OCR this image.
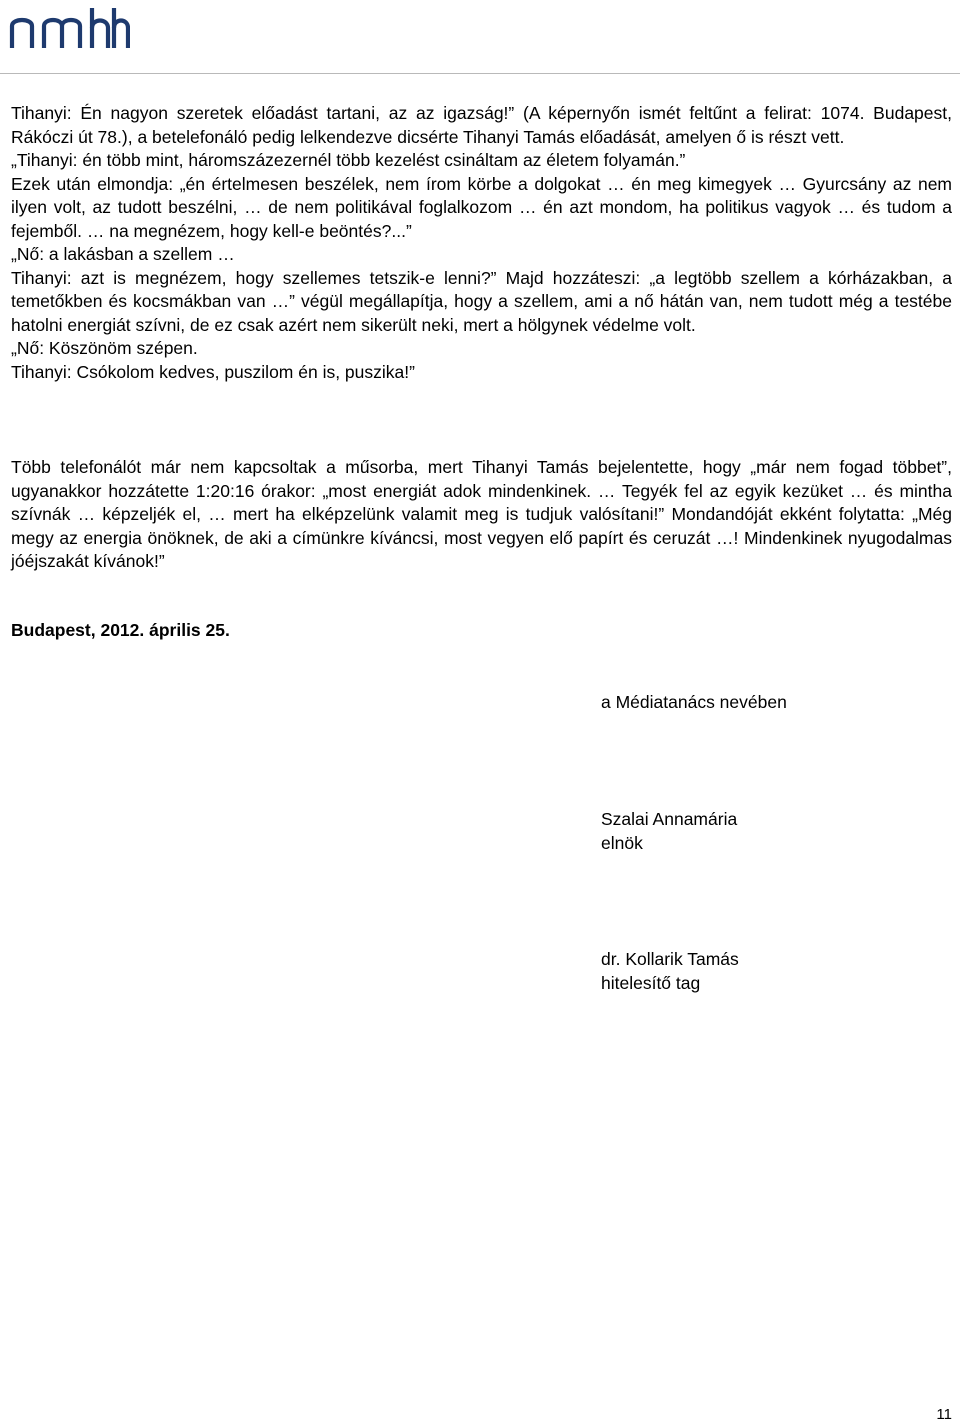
Tihanyi: Én nagyon szeretek előadást tartani, az az igazság!” (A képernyőn ismét feltűnt a felirat: 1074. Budapest, Rákóczi út 78.), a betelefonáló pedig lelkendezve dicsérte Tihanyi Tamás előadását, amelyen ő is részt vett.

„Tihanyi: én több mint, háromszázezernél több kezelést csináltam az életem folyamán.”

Ezek után elmondja: „én értelmesen beszélek, nem írom körbe a dolgokat … én meg kimegyek … Gyurcsány az nem ilyen volt, az tudott beszélni, … de nem politikával foglalkozom … én azt mondom, ha politikus vagyok … és tudom a fejemből. … na megnézem, hogy kell-e beöntés?...”

„Nő: a lakásban a szellem …

Tihanyi: azt is megnézem, hogy szellemes tetszik-e lenni?” Majd hozzáteszi: „a legtöbb szellem a kórházakban, a temetőkben és kocsmákban van …” végül megállapítja, hogy a szellem, ami a nő hátán van, nem tudott még a testébe hatolni energiát szívni, de ez csak azért nem sikerült neki, mert a hölgynek védelme volt.

„Nő: Köszönöm szépen.

Tihanyi: Csókolom kedves, puszilom én is, puszika!”

Több telefonálót már nem kapcsoltak a műsorba, mert Tihanyi Tamás bejelentette, hogy „már nem fogad többet”, ugyanakkor hozzátette 1:20:16 órakor: „most energiát adok mindenkinek. … Tegyék fel az egyik kezüket … és mintha szívnák … képzeljék el, … mert ha elképzelünk valamit meg is tudjuk valósítani!” Mondandóját ekként folytatta: „Még megy az energia önöknek, de aki a címünkre kíváncsi, most vegyen elő papírt és ceruzát …! Mindenkinek nyugodalmas jóéjszakát kívánok!”

Budapest, 2012. április 25.
a Médiatanács nevében
Szalai Annamária
elnök
dr. Kollarik Tamás
hitelesítő tag
11
